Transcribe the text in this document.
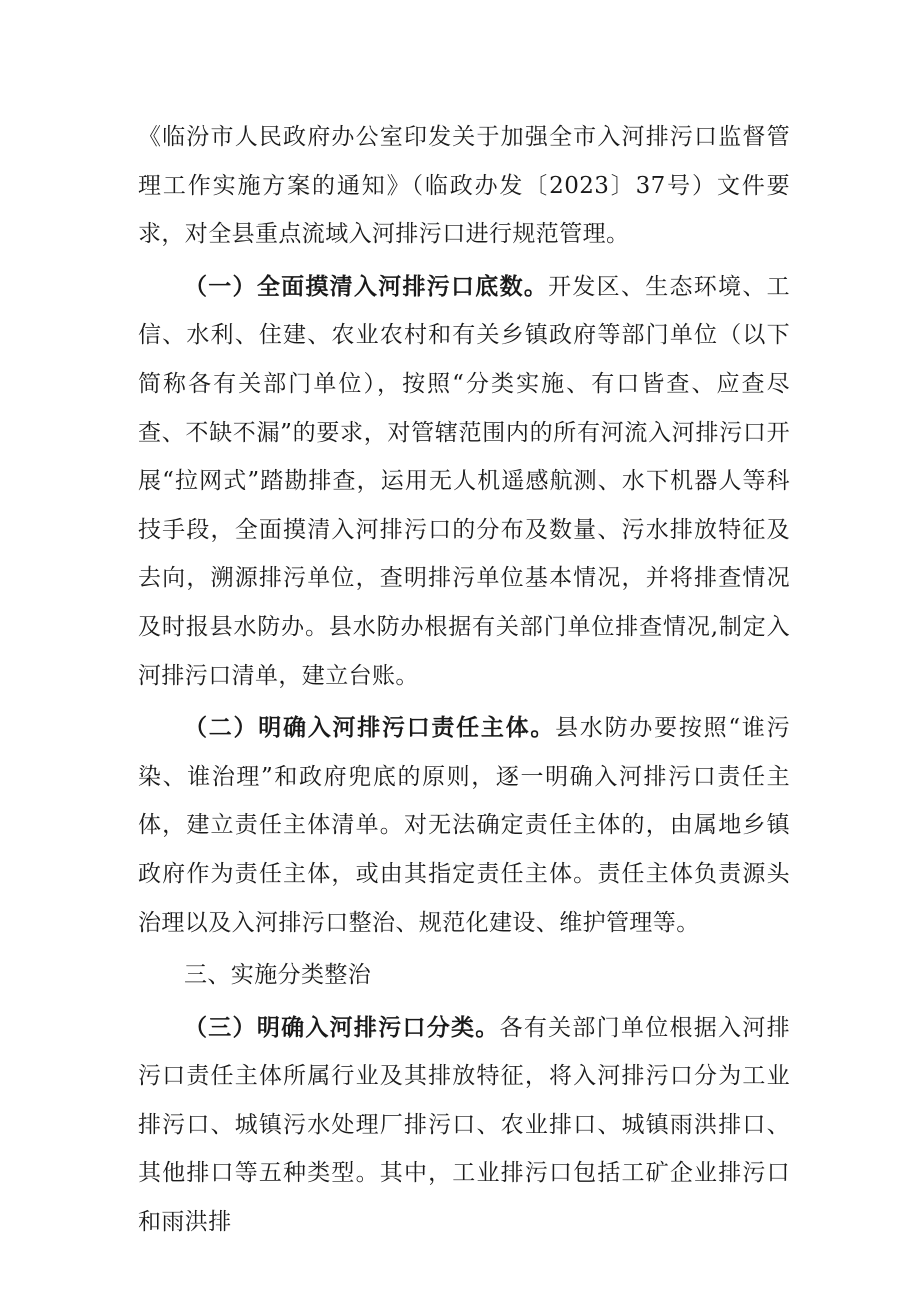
《临汾市人民政府办公室印发关于加强全市入河排污口监督管理工作实施方案的通知》（临政办发〔2023〕37号）文件要求，对全县重点流域入河排污口进行规范管理。

（一）全面摸清入河排污口底数。开发区、生态环境、工信、水利、住建、农业农村和有关乡镇政府等部门单位（以下简称各有关部门单位），按照“分类实施、有口皆查、应查尽查、不缺不漏”的要求，对管辖范围内的所有河流入河排污口开展“拉网式”踏勘排查，运用无人机遥感航测、水下机器人等科技手段，全面摸清入河排污口的分布及数量、污水排放特征及去向，溯源排污单位，查明排污单位基本情况，并将排查情况及时报县水防办。县水防办根据有关部门单位排查情况,制定入河排污口清单，建立台账。

（二）明确入河排污口责任主体。县水防办要按照“谁污染、谁治理”和政府兜底的原则，逐一明确入河排污口责任主体，建立责任主体清单。对无法确定责任主体的，由属地乡镇政府作为责任主体，或由其指定责任主体。责任主体负责源头治理以及入河排污口整治、规范化建设、维护管理等。

三、实施分类整治

（三）明确入河排污口分类。各有关部门单位根据入河排污口责任主体所属行业及其排放特征，将入河排污口分为工业排污口、城镇污水处理厂排污口、农业排口、城镇雨洪排口、其他排口等五种类型。其中，工业排污口包括工矿企业排污口和雨洪排
